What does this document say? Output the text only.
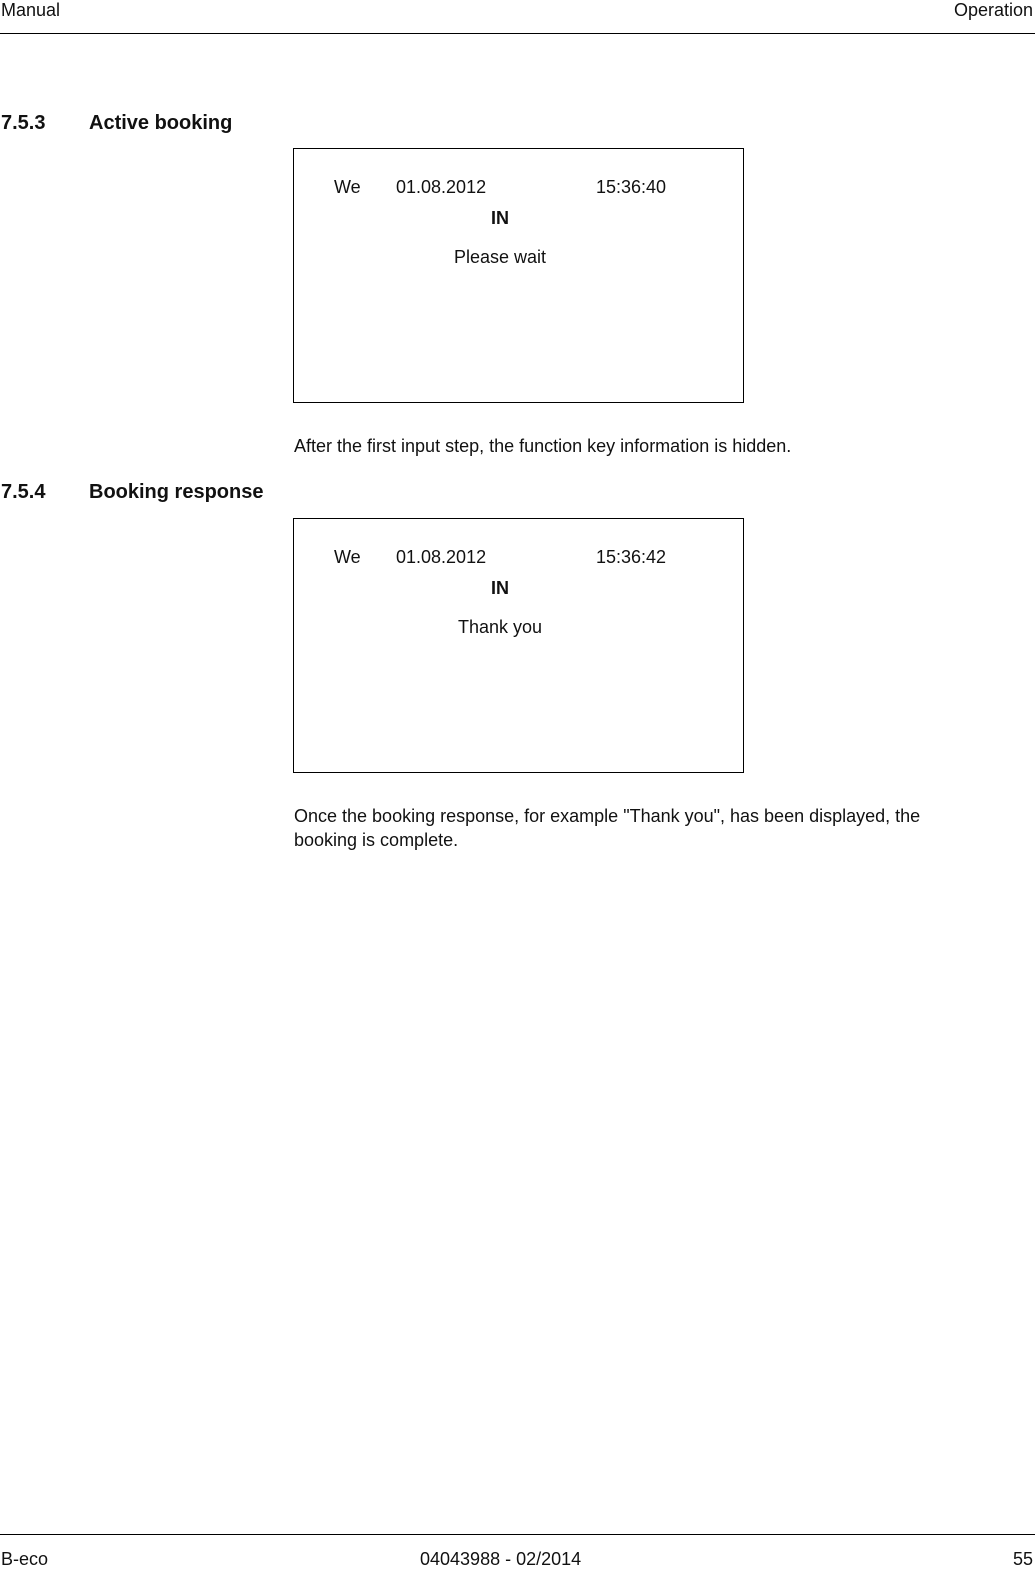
Manual	Operation
7.5.3 Active booking
We 01.08.2012	15:36:40
IN
Please wait
After the first input step, the function key information is hidden.
7.5.4 Booking response
We 01.08.2012	15:36:42
IN
Thank you
Once the booking response, for example "Thank you", has been displayed, the booking is complete.
B-eco	04043988 - 02/2014	55
